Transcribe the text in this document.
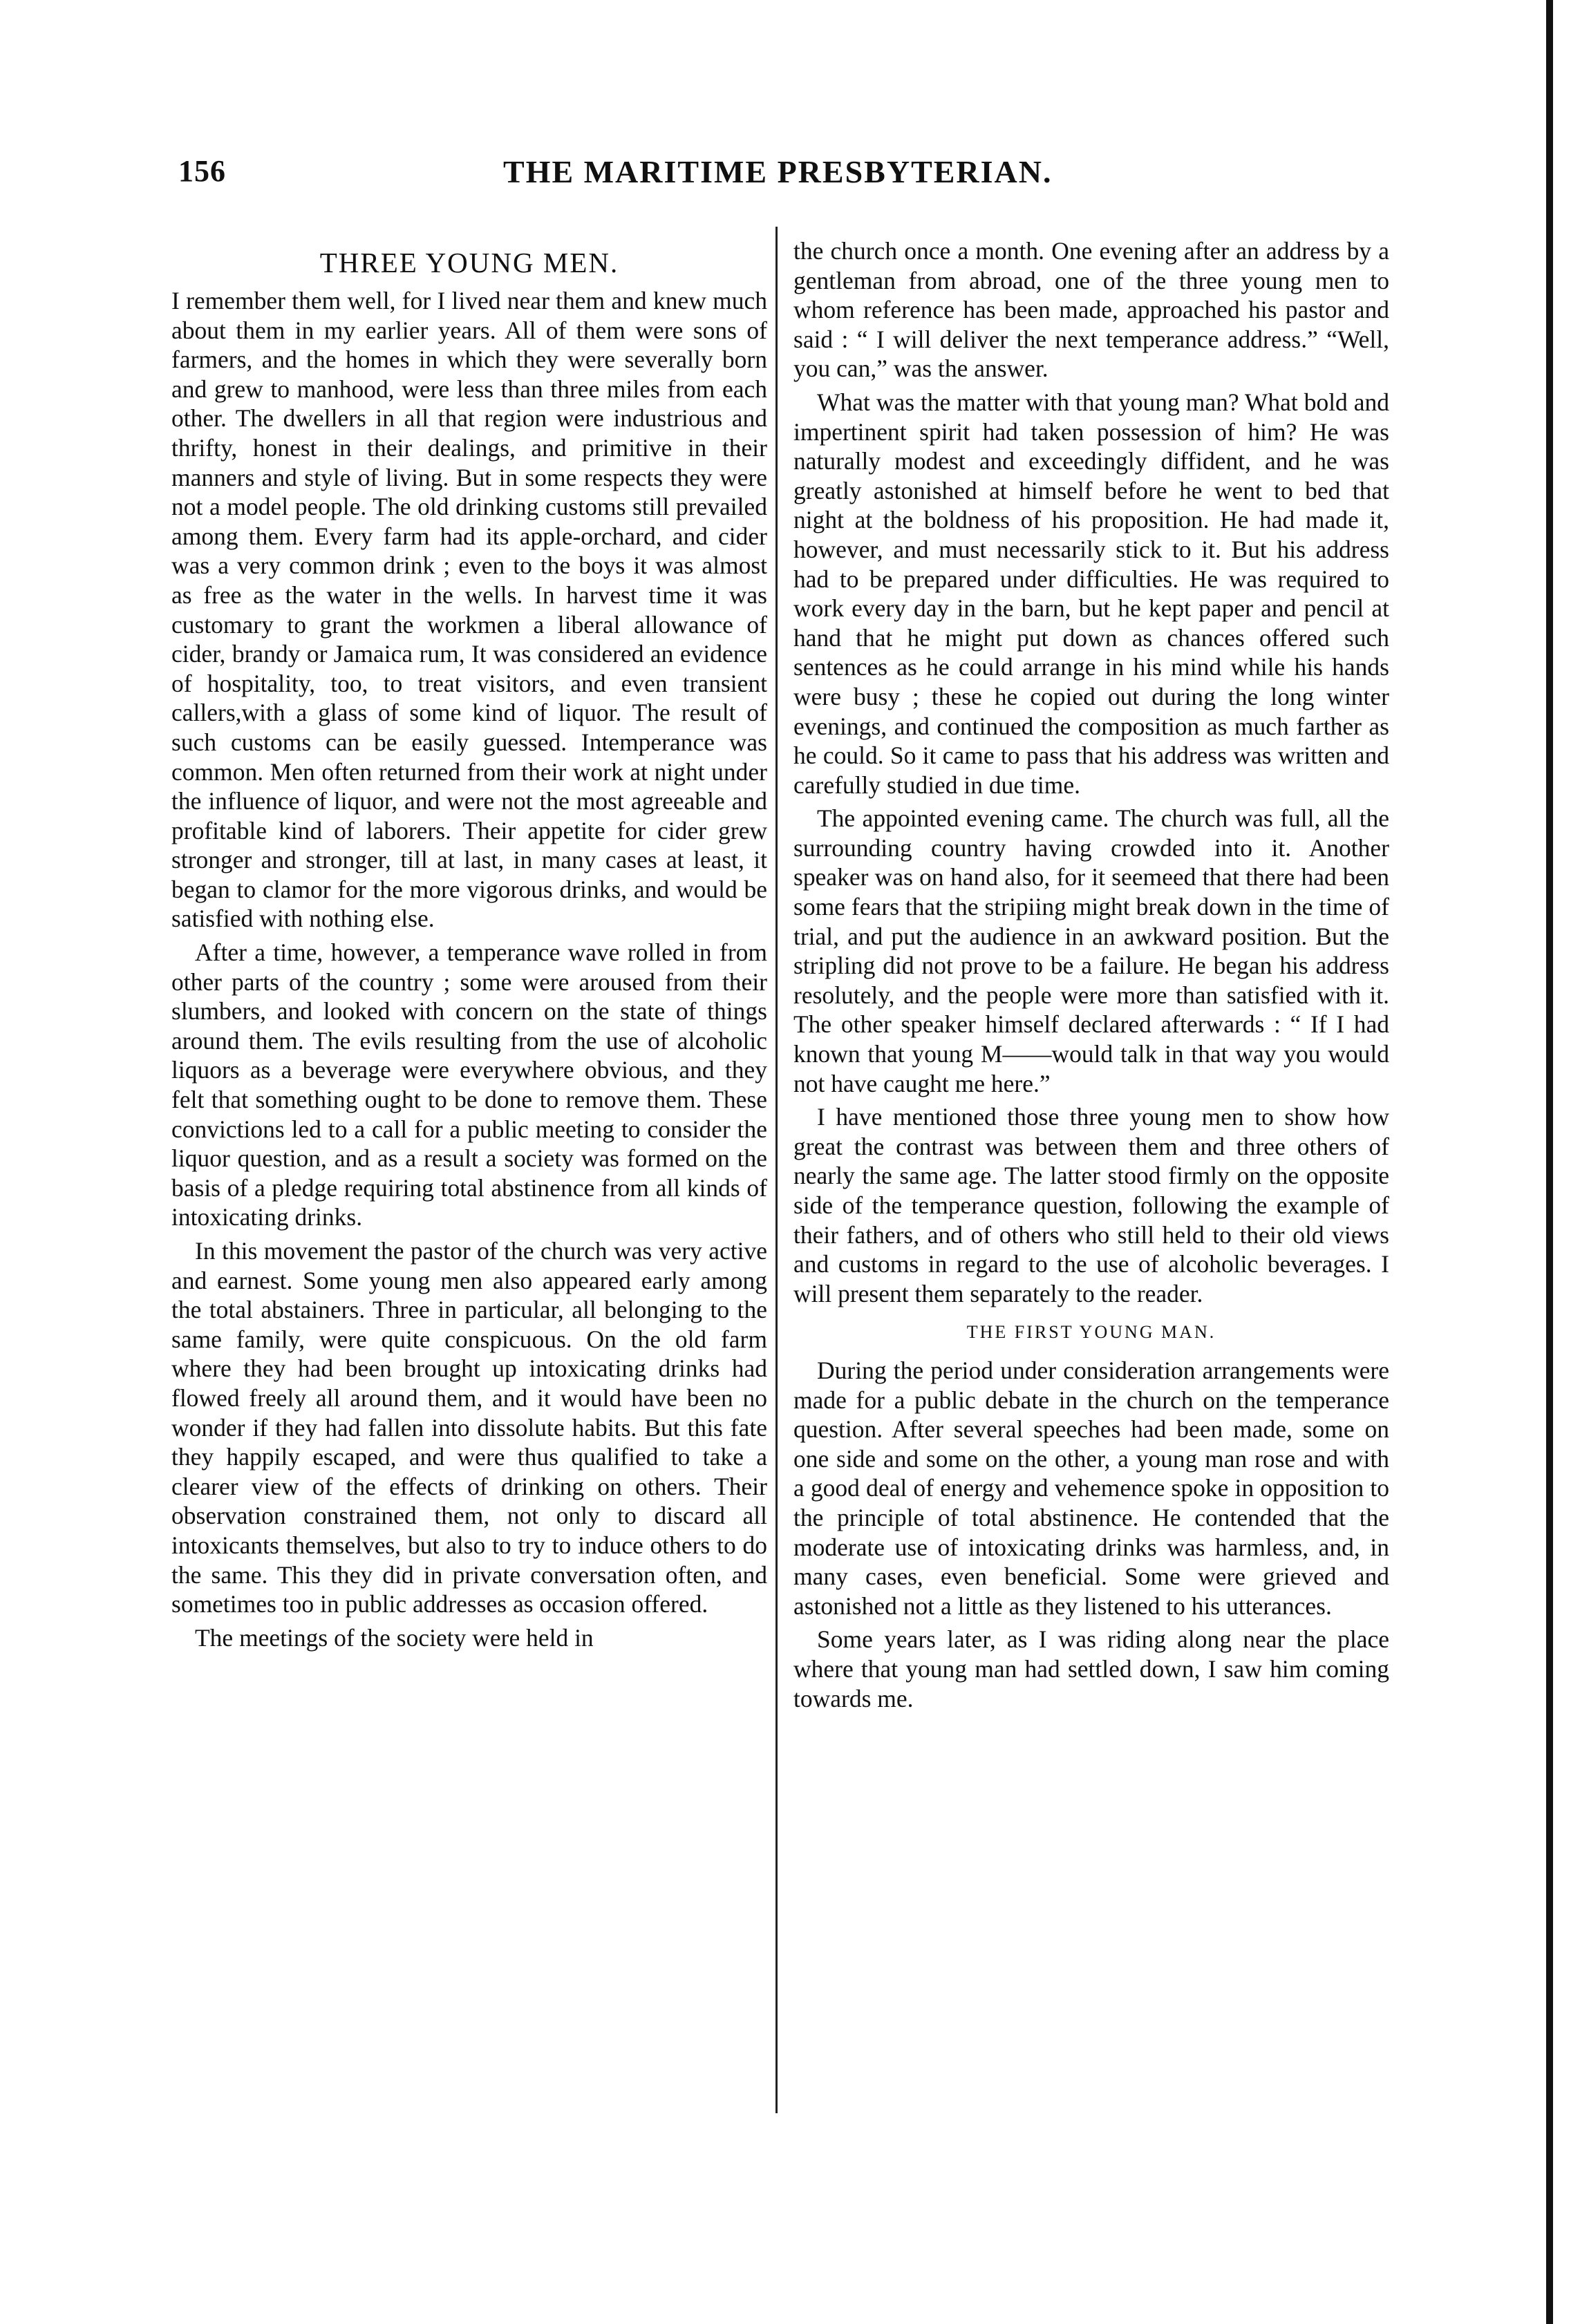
156	THE MARITIME PRESBYTERIAN.
THREE YOUNG MEN.

I remember them well, for I lived near them and knew much about them in my earlier years. All of them were sons of farmers, and the homes in which they were severally born and grew to manhood, were less than three miles from each other. The dwellers in all that region were industrious and thrifty, honest in their dealings, and primitive in their manners and style of living. But in some respects they were not a model people. The old drinking customs still prevailed among them. Every farm had its apple-orchard, and cider was a very common drink ; even to the boys it was almost as free as the water in the wells. In harvest time it was customary to grant the workmen a liberal allowance of cider, brandy or Jamaica rum, It was considered an evidence of hospitality, too, to treat visitors, and even transient callers,with a glass of some kind of liquor. The result of such customs can be easily guessed. Intemperance was common. Men often returned from their work at night under the influence of liquor, and were not the most agreeable and profitable kind of laborers. Their appetite for cider grew stronger and stronger, till at last, in many cases at least, it began to clamor for the more vigorous drinks, and would be satisfied with nothing else.

After a time, however, a temperance wave rolled in from other parts of the country ; some were aroused from their slumbers, and looked with concern on the state of things around them. The evils resulting from the use of alcoholic liquors as a beverage were everywhere obvious, and they felt that something ought to be done to remove them. These convictions led to a call for a public meeting to consider the liquor question, and as a result a society was formed on the basis of a pledge requiring total abstinence from all kinds of intoxicating drinks.

In this movement the pastor of the church was very active and earnest. Some young men also appeared early among the total abstainers. Three in particular, all belonging to the same family, were quite conspicuous. On the old farm where they had been brought up intoxicating drinks had flowed freely all around them, and it would have been no wonder if they had fallen into dissolute habits. But this fate they happily escaped, and were thus qualified to take a clearer view of the effects of drinking on others. Their observation constrained them, not only to discard all intoxicants themselves, but also to try to induce others to do the same. This they did in private conversation often, and sometimes too in public addresses as occasion offered.

The meetings of the society were held in

the church once a month. One evening after an address by a gentleman from abroad, one of the three young men to whom reference has been made, approached his pastor and said : “ I will deliver the next temperance address.” “Well, you can,” was the answer.

What was the matter with that young man? What bold and impertinent spirit had taken possession of him? He was naturally modest and exceedingly diffident, and he was greatly astonished at himself before he went to bed that night at the boldness of his proposition. He had made it, however, and must necessarily stick to it. But his address had to be prepared under difficulties. He was required to work every day in the barn, but he kept paper and pencil at hand that he might put down as chances offered such sentences as he could arrange in his mind while his hands were busy ; these he copied out during the long winter evenings, and continued the composition as much farther as he could. So it came to pass that his address was written and carefully studied in due time.

The appointed evening came. The church was full, all the surrounding country having crowded into it. Another speaker was on hand also, for it seemeed that there had been some fears that the stripiing might break down in the time of trial, and put the audience in an awkward position. But the stripling did not prove to be a failure. He began his address resolutely, and the people were more than satisfied with it. The other speaker himself declared afterwards : “ If I had known that young M——would talk in that way you would not have caught me here.”

I have mentioned those three young men to show how great the contrast was between them and three others of nearly the same age. The latter stood firmly on the opposite side of the temperance question, following the example of their fathers, and of others who still held to their old views and customs in regard to the use of alcoholic beverages. I will present them separately to the reader.

THE FIRST YOUNG MAN.

During the period under consideration arrangements were made for a public debate in the church on the temperance question. After several speeches had been made, some on one side and some on the other, a young man rose and with a good deal of energy and vehemence spoke in opposition to the principle of total abstinence. He contended that the moderate use of intoxicating drinks was harmless, and, in many cases, even beneficial. Some were grieved and astonished not a little as they listened to his utterances.

Some years later, as I was riding along near the place where that young man had settled down, I saw him coming towards me.
